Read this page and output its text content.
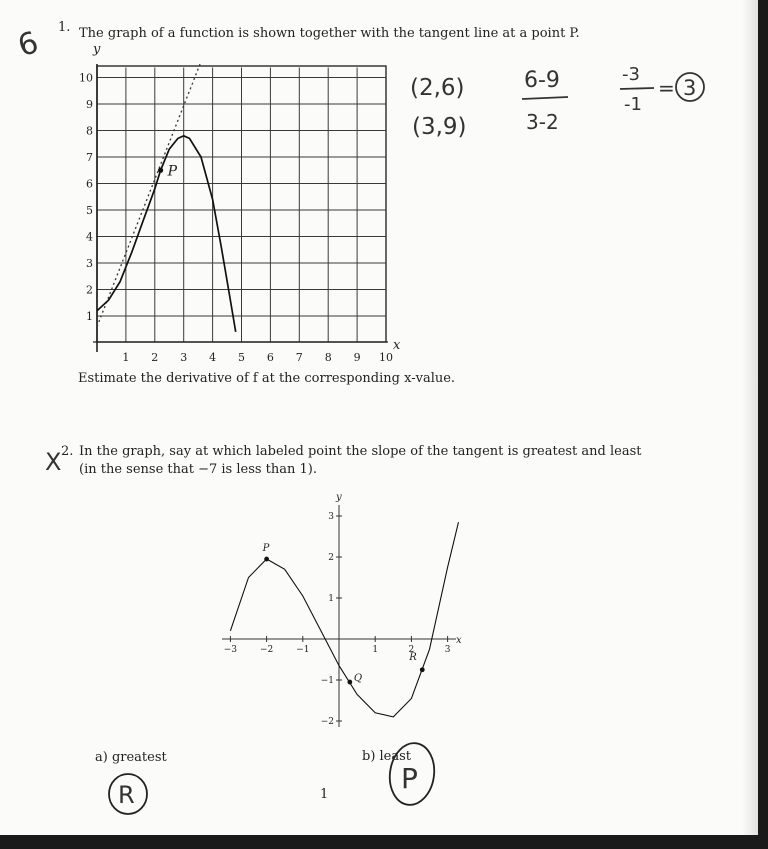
1. The graph of a function is shown together with the tangent line at a point P.
Estimate the derivative of f at the corresponding x-value.
2. In the graph, say at which labeled point the slope of the tangent is greatest and least
(in the sense that −7 is less than 1).
a) greatest	b) least
1
2
3
4
5
6
7
8
9
10
1
1 2 3 4 5 6 7 8 9 10
P
y
x
−3	−2	−1	1	2	3
−2
−1
1
2
3
P
Q
R
y
x
6
(2,6)
(3,9)
6-9
3-2
-3
-1
= 3
X
R	P
